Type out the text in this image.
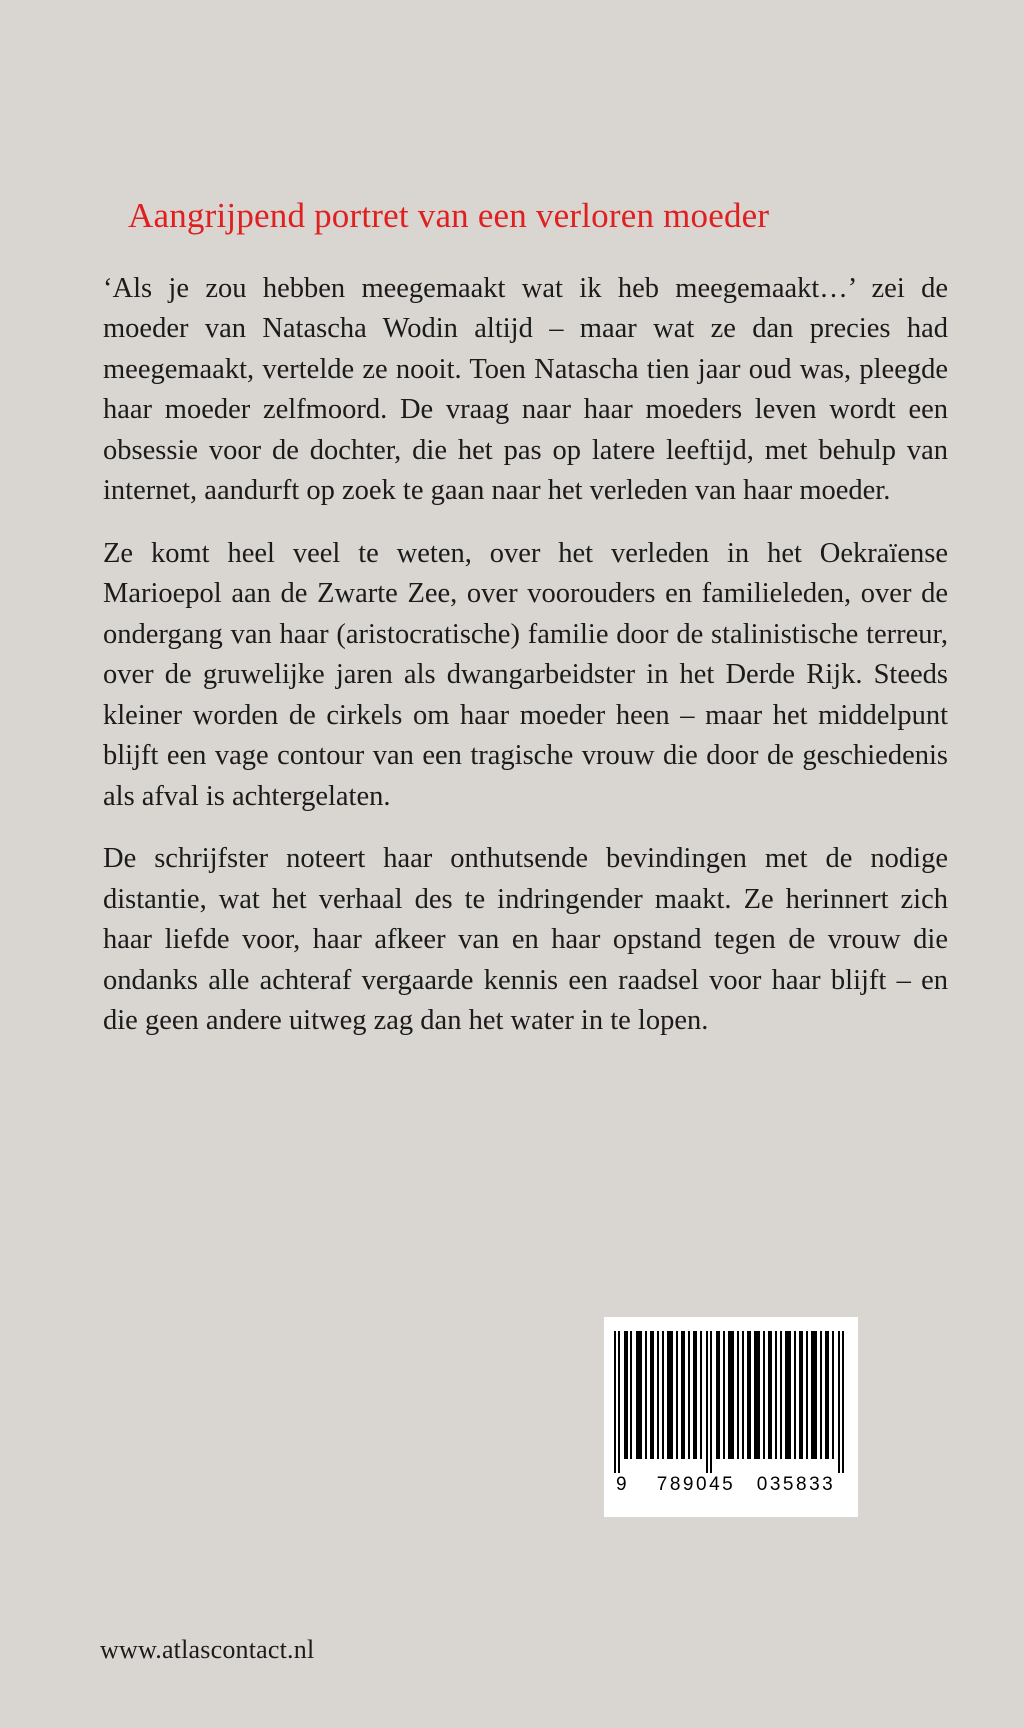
Aangrijpend portret van een verloren moeder

‘Als je zou hebben meegemaakt wat ik heb meegemaakt…’ zei de moeder van Natascha Wodin altijd – maar wat ze dan precies had meegemaakt, vertelde ze nooit. Toen Natascha tien jaar oud was, pleegde haar moeder zelfmoord. De vraag naar haar moeders leven wordt een obsessie voor de dochter, die het pas op latere leeftijd, met behulp van internet, aandurft op zoek te gaan naar het verleden van haar moeder.

Ze komt heel veel te weten, over het verleden in het Oekraïense Marioepol aan de Zwarte Zee, over voorouders en familieleden, over de ondergang van haar (aristocratische) familie door de stalinistische terreur, over de gruwelijke jaren als dwangarbeidster in het Derde Rijk. Steeds kleiner worden de cirkels om haar moeder heen – maar het middelpunt blijft een vage contour van een tragische vrouw die door de geschiedenis als afval is achtergelaten.

De schrijfster noteert haar onthutsende bevindingen met de nodige distantie, wat het verhaal des te indringender maakt. Ze herinnert zich haar liefde voor, haar afkeer van en haar opstand tegen de vrouw die ondanks alle achteraf vergaarde kennis een raadsel voor haar blijft – en die geen andere uitweg zag dan het water in te lopen.

9	789045	035833
www.atlascontact.nl
